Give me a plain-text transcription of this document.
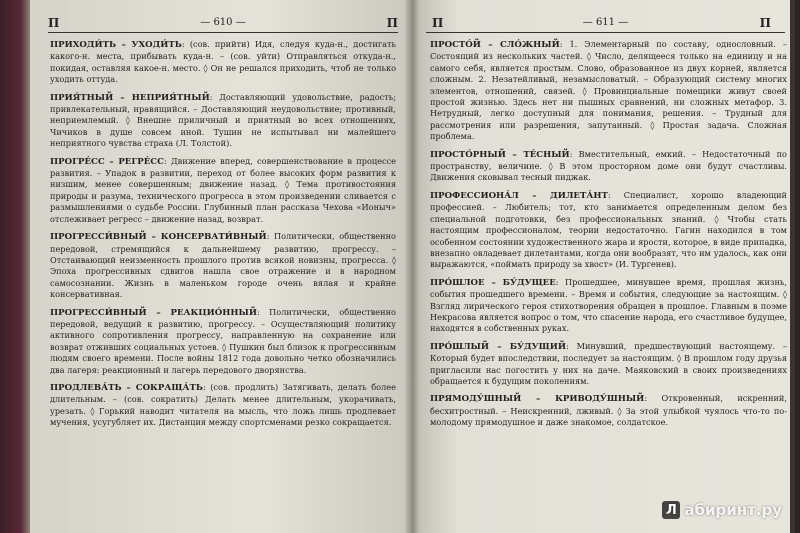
П	— 610 —	П

ПРИХОДИ́ТЬ – УХОДИ́ТЬ: (сов. прийти) Идя, следуя куда-н., достигать какого-н. места, прибывать куда-н. – (сов. уйти) Отправляться откуда-н., покидая, оставляя какое-н. место. ◊ Он не решался приходить, чтоб не только уходить оттуда.

ПРИЯ́ТНЫЙ – НЕПРИЯ́ТНЫЙ: Доставляющий удовольствие, радость; привлекательный, нравящийся. – Доставляющий неудовольствие; противный, неприемлемый. ◊ Внешне приличный и приятный во всех отношениях, Чичиков в душе совсем иной. Тушин не испытывал ни малейшего неприятного чувства страха (Л. Толстой).

ПРОГРЕ́СС – РЕГРЕ́СС: Движение вперед, совершенствование в процессе развития. – Упадок в развитии, переход от более высоких форм развития к низшим, менее совершенным; движение назад. ◊ Тема противостояния природы и разума, технического прогресса в этом произведении сливается с размышлениями о судьбе России. Глубинный план рассказа Чехова «Ионыч» отслеживает регресс – движение назад, возврат.

ПРОГРЕССИ́ВНЫЙ – КОНСЕРВАТИ́ВНЫЙ: Политически, общественно передовой, стремящийся к дальнейшему развитию, прогрессу. – Отстаивающий неизменность прошлого против всякой новизны, прогресса. ◊ Эпоха прогрессивных сдвигов нашла свое отражение и в народном самосознании. Жизнь в маленьком городе очень вялая и крайне консервативная.

ПРОГРЕССИ́ВНЫЙ – РЕАКЦИО́ННЫЙ: Политически, общественно передовой, ведущий к развитию, прогрессу. – Осуществляющий политику активного сопротивления прогрессу, направленную на сохранение или возврат отживших социальных устоев. ◊ Пушкин был близок к прогрессивным людям своего времени. После войны 1812 года довольно четко обозначились два лагеря: реакционный и лагерь передового дворянства.

ПРОДЛЕВА́ТЬ – СОКРАЩА́ТЬ: (сов. продлить) Затягивать, делать более длительным. – (сов. сократить) Делать менее длительным, укорачивать, урезать. ◊ Горький наводит читателя на мысль, что ложь лишь продлевает мучения, усугубляет их. Дистанция между спортсменами резко сокращается.

П	— 611 —	П

ПРОСТО́Й – СЛО́ЖНЫЙ: 1. Элементарный по составу, однословный. – Состоящий из нескольких частей. ◊ Число, делящееся только на единицу и на самого себя, является простым. Слово, образованное из двух корней, является сложным. 2. Незатейливый, незамысловатый. – Образующий систему многих элементов, отношений, связей. ◊ Провинциальные помещики живут своей простой жизнью. Здесь нет ни пышных сравнений, ни сложных метафор. 3. Нетрудный, легко доступный для понимания, решения. – Трудный для рассмотрения или разрешения, запутанный. ◊ Простая задача. Сложная проблема.

ПРОСТО́РНЫЙ – ТЕ́СНЫЙ: Вместительный, емкий. – Недостаточный по пространству, величине. ◊ В этом просторном доме они будут счастливы. Движения сковывал тесный пиджак.

ПРОФЕССИОНА́Л – ДИЛЕТА́НТ: Специалист, хорошо владеющий профессией. – Любитель; тот, кто занимается определенным делом без специальной подготовки, без профессиональных знаний. ◊ Чтобы стать настоящим профессионалом, теории недостаточно. Гагин находился в том особенном состоянии художественного жара и ярости, которое, в виде припадка, внезапно овладевает дилетантами, когда они вообразят, что им удалось, как они выражаются, «поймать природу за хвост» (И. Тургенев).

ПРО́ШЛОЕ – БУ́ДУЩЕЕ: Прошедшее, минувшее время, прошлая жизнь, события прошедшего времени. – Время и события, следующие за настоящим. ◊ Взгляд лирического героя стихотворения обращен в прошлое. Главным в поэме Некрасова является вопрос о том, что спасение народа, его счастливое будущее, находятся в собственных руках.

ПРО́ШЛЫЙ – БУ́ДУЩИЙ: Минувший, предшествующий настоящему. – Который будет впоследствии, последует за настоящим. ◊ В прошлом году друзья пригласили нас погостить у них на даче. Маяковский в своих произведениях обращается к будущим поколениям.

ПРЯМОДУ́ШНЫЙ – КРИВОДУ́ШНЫЙ: Откровенный, искренний, бесхитростный. – Неискренний, лживый. ◊ За этой улыбкой чуялось что-то по-молодому прямодушное и даже знакомое, солдатское.

Л абиринт.ру
